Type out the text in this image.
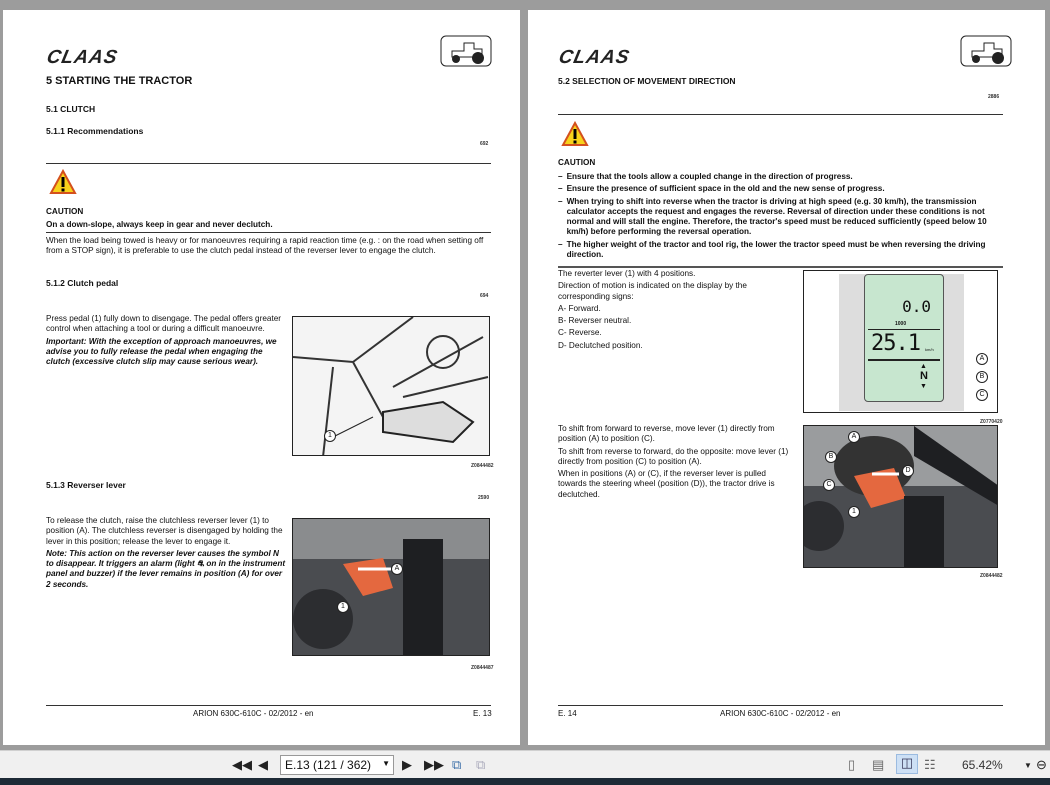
CLAAS
5 STARTING THE TRACTOR
5.1 CLUTCH
5.1.1 Recommendations
692
CAUTION
On a down-slope, always keep in gear and never declutch.
When the load being towed is heavy or for manoeuvres requiring a rapid reaction time (e.g. : on the road when setting off from a STOP sign), it is preferable to use the clutch pedal instead of the reverser lever to engage the clutch.
5.1.2 Clutch pedal
694
Press pedal (1) fully down to disengage. The pedal offers greater control when attaching a tool or during a difficult manoeuvre.
Important: With the exception of approach manoeuvres, we advise you to fully release the pedal when engaging the clutch (excessive clutch slip may cause serious wear).
1
Z0844482
5.1.3 Reverser lever
2590
To release the clutch, raise the clutchless reverser lever (1) to position (A). The clutchless reverser is disengaged by holding the lever in this position; release the lever to engage it.
Note: This action on the reverser lever causes the symbol N to disappear. It triggers an alarm (light ⛐ on in the instrument panel and buzzer) if the lever remains in position (A) for over 2 seconds.
A
1
Z0844487
ARION 630C-610C - 02/2012 - en	E. 13
CLAAS
5.2 SELECTION OF MOVEMENT DIRECTION
2886
CAUTION
– Ensure that the tools allow a coupled change in the direction of progress.
– Ensure the presence of sufficient space in the old and the new sense of progress.
– When trying to shift into reverse when the tractor is driving at high speed (e.g. 30 km/h), the transmission calculator accepts the request and engages the reverse. Reversal of direction under these conditions is not normal and will stall the engine. Therefore, the tractor's speed must be reduced sufficiently (speed below 10 km/h) before performing the reversal operation.
– The higher weight of the tractor and tool rig, the lower the tractor speed must be when reversing the driving direction.
The reverter lever (1) with 4 positions.
Direction of motion is indicated on the display by the corresponding signs:
A- Forward.
B- Reverser neutral.
C- Reverse.
D- Declutched position.
0.0
1000
25.1 km/h
▲
N
▼
A
B
C
Z0770420
To shift from forward to reverse, move lever (1) directly from position (A) to position (C).
To shift from reverse to forward, do the opposite: move lever (1) directly from position (C) to position (A).
When in positions (A) or (C), if the reverser lever is pulled towards the steering wheel (position (D)), the tractor drive is declutched.
A
B
C
D
1
Z0844482
E. 14	ARION 630C-610C - 02/2012 - en
◀◀ ◀	E.13 (121 / 362) ▼ ▶ ▶▶ ⧉ ⧉	▯ ▤	◫ ☷ 65.42%	▼ ⊖
